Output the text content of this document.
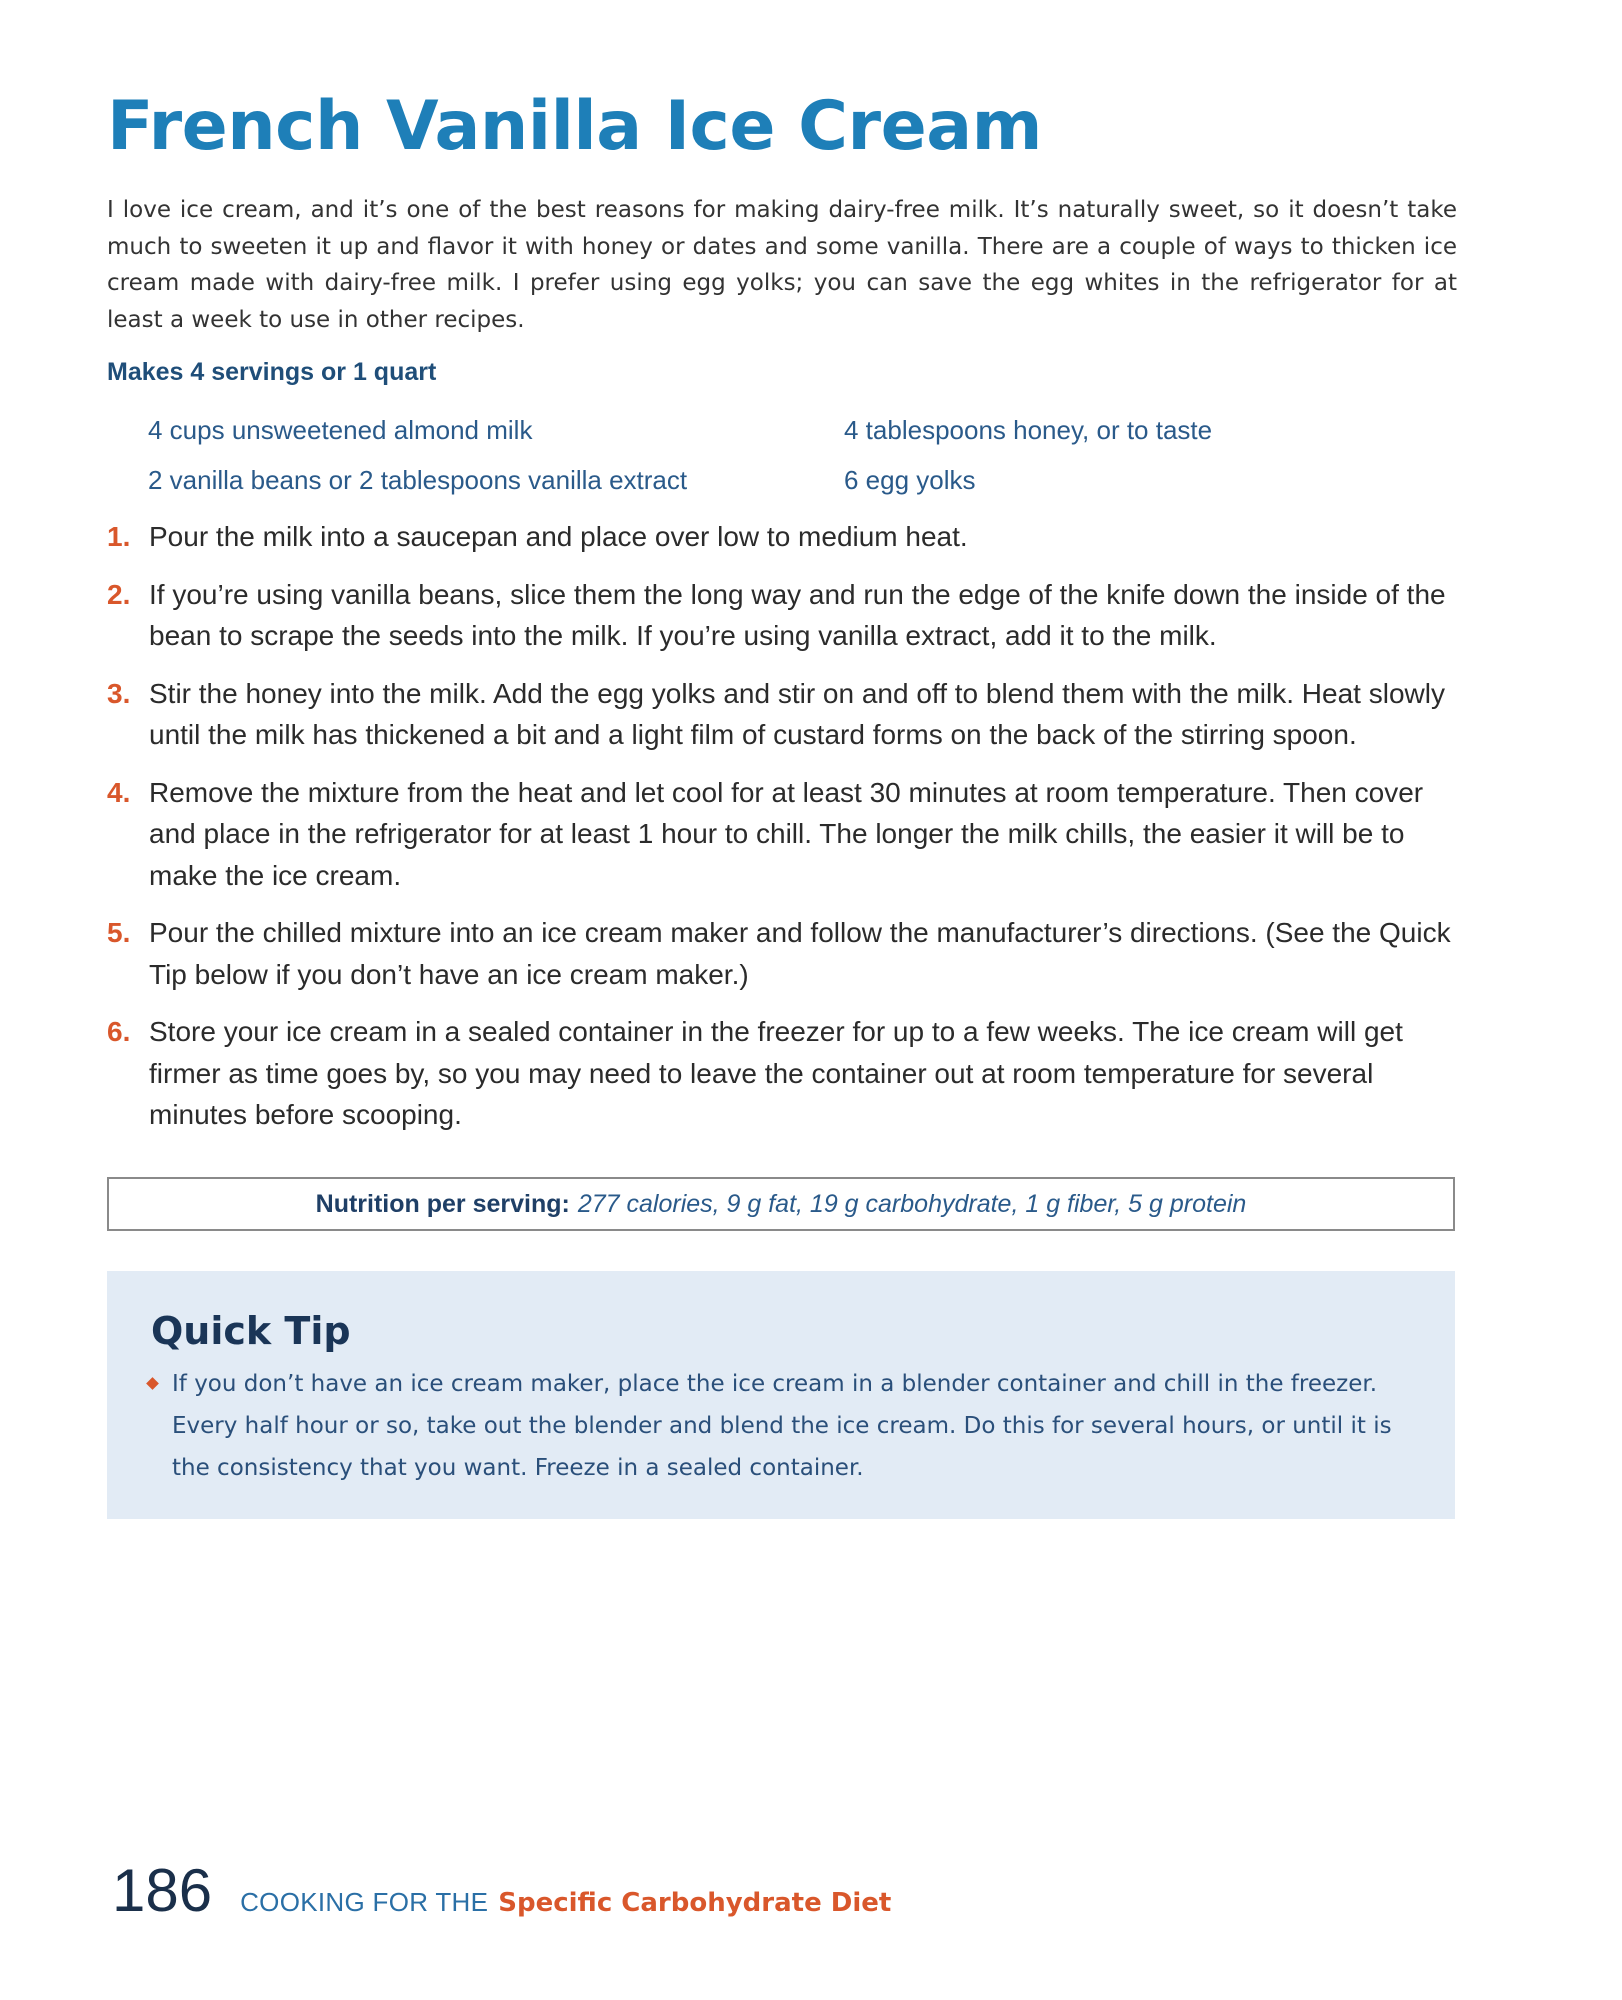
French Vanilla Ice Cream

I love ice cream, and it’s one of the best reasons for making dairy-free milk. It’s naturally sweet, so it doesn’t take much to sweeten it up and flavor it with honey or dates and some vanilla. There are a couple of ways to thicken ice cream made with dairy-free milk. I prefer using egg yolks; you can save the egg whites in the refrigerator for at least a week to use in other recipes.

Makes 4 servings or 1 quart

4 cups unsweetened almond milk	4 tablespoons honey, or to taste
2 vanilla beans or 2 tablespoons vanilla extract	6 egg yolks
1. Pour the milk into a saucepan and place over low to medium heat.
2. If you’re using vanilla beans, slice them the long way and run the edge of the knife down the inside of the bean to scrape the seeds into the milk. If you’re using vanilla extract, add it to the milk.
3. Stir the honey into the milk. Add the egg yolks and stir on and off to blend them with the milk. Heat slowly until the milk has thickened a bit and a light film of custard forms on the back of the stirring spoon.
4. Remove the mixture from the heat and let cool for at least 30 minutes at room temperature. Then cover and place in the refrigerator for at least 1 hour to chill. The longer the milk chills, the easier it will be to make the ice cream.
5. Pour the chilled mixture into an ice cream maker and follow the manufacturer’s directions. (See the Quick Tip below if you don’t have an ice cream maker.)
6. Store your ice cream in a sealed container in the freezer for up to a few weeks. The ice cream will get firmer as time goes by, so you may need to leave the container out at room temperature for several minutes before scooping.
Nutrition per serving: 277 calories, 9 g fat, 19 g carbohydrate, 1 g fiber, 5 g protein
Quick Tip

If you don’t have an ice cream maker, place the ice cream in a blender container and chill in the freezer. Every half hour or so, take out the blender and blend the ice cream. Do this for several hours, or until it is the consistency that you want. Freeze in a sealed container.

186 COOKING FOR THE Specific Carbohydrate Diet
